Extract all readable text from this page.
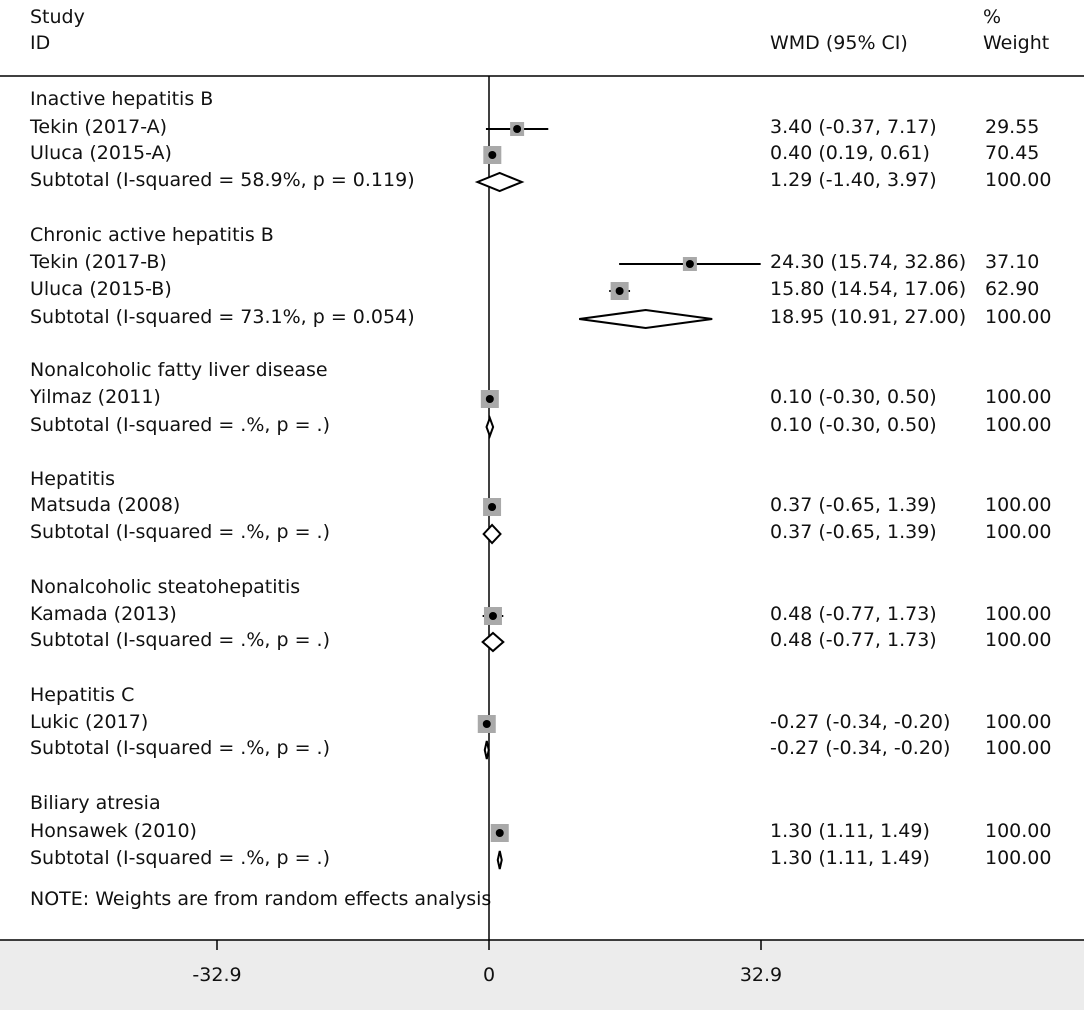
Study
ID	WMD (95% CI)
%
Weight
NOTE: Weights are from random effects analysis
Inactive hepatitis B
Tekin (2017-A)	3.40 (-0.37, 7.17)	29.55
Uluca (2015-A)	0.40 (0.19, 0.61)	70.45
Subtotal (I-squared = 58.9%, p = 0.119)	1.29 (-1.40, 3.97)	100.00
Chronic active hepatitis B
Tekin (2017-B)	24.30 (15.74, 32.86) 37.10
Uluca (2015-B)	15.80 (14.54, 17.06) 62.90
Subtotal (I-squared = 73.1%, p = 0.054)	18.95 (10.91, 27.00) 100.00
Nonalcoholic fatty liver disease
Yilmaz (2011)	0.10 (-0.30, 0.50)	100.00
Subtotal (I-squared = .%, p = .)	0.10 (-0.30, 0.50)	100.00
Hepatitis
Matsuda (2008)	0.37 (-0.65, 1.39)	100.00
Subtotal (I-squared = .%, p = .)	0.37 (-0.65, 1.39)	100.00
Nonalcoholic steatohepatitis
Kamada (2013)	0.48 (-0.77, 1.73)	100.00
Subtotal (I-squared = .%, p = .)	0.48 (-0.77, 1.73)	100.00
Hepatitis C
Lukic (2017)	-0.27 (-0.34, -0.20) 100.00
Subtotal (I-squared = .%, p = .)	-0.27 (-0.34, -0.20) 100.00
Biliary atresia
Honsawek (2010)	1.30 (1.11, 1.49)	100.00
Subtotal (I-squared = .%, p = .)	1.30 (1.11, 1.49)	100.00
-32.9	0	32.9
